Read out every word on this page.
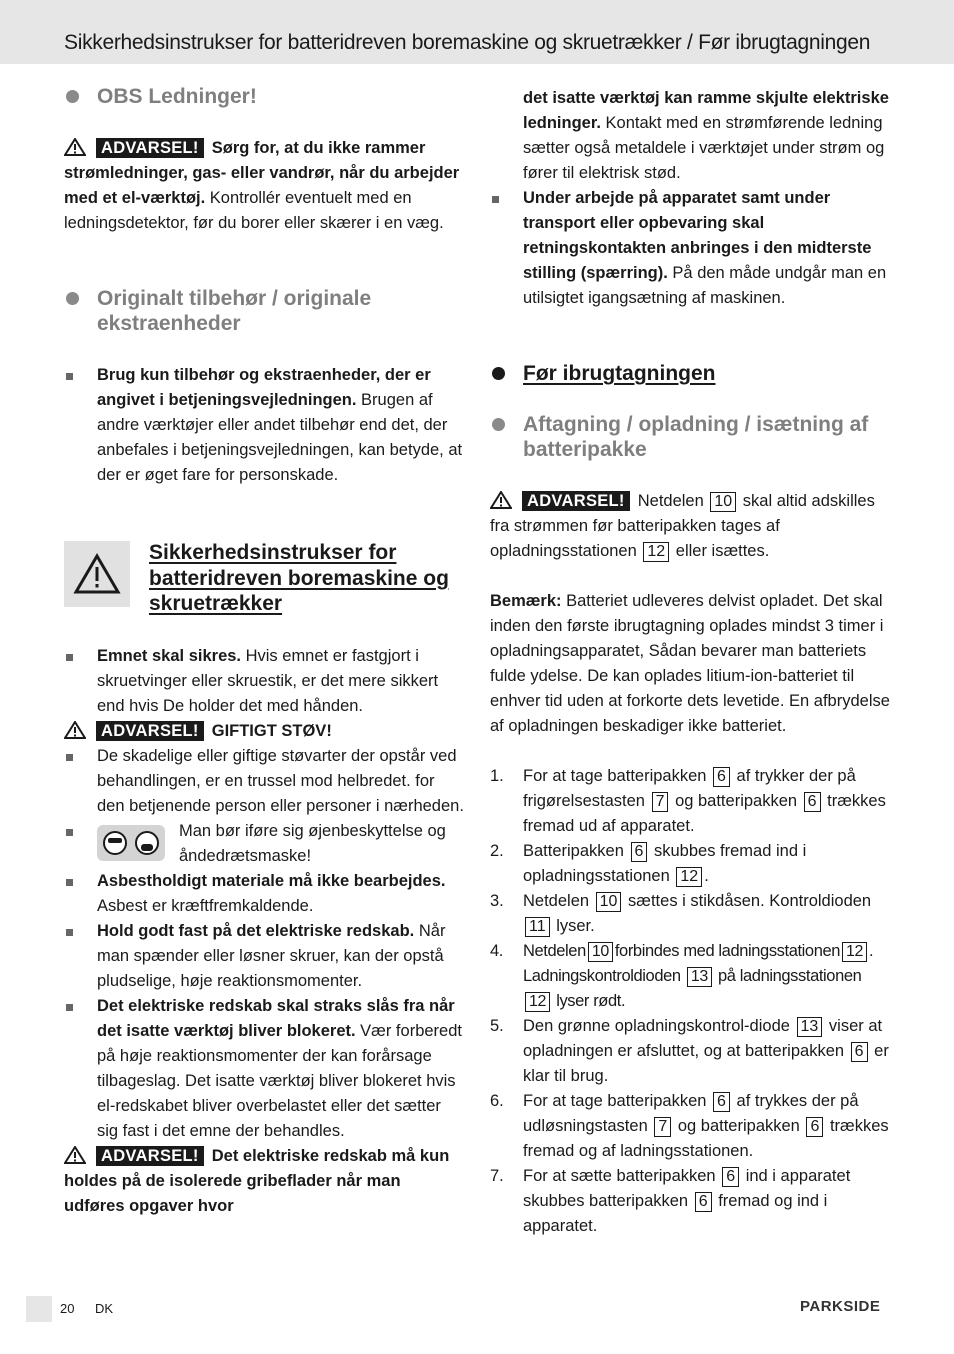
Sikkerhedsinstrukser for batteridreven boremaskine og skruetrækker / Før ibrugtagningen
OBS Ledninger!

ADVARSEL! Sørg for, at du ikke rammer strømledninger, gas- eller vandrør, når du arbejder med et el-værktøj. Kontrollér eventuelt med en ledningsdetektor, før du borer eller skærer i en væg.

Originalt tilbehør / originale ekstraenheder
Brug kun tilbehør og ekstraenheder, der er angivet i betjeningsvejledningen. Brugen af andre værktøjer eller andet tilbehør end det, der anbefales i betjeningsvejledningen, kan betyde, at der er øget fare for personskade.
Sikkerhedsinstrukser for batteridreven boremaskine og skruetrækker
Emnet skal sikres. Hvis emnet er fastgjort i skruetvinger eller skruestik, er det mere sikkert end hvis De holder det med hånden.

ADVARSEL! GIFTIGT STØV!

De skadelige eller giftige støvarter der opstår ved behandlingen, er en trussel mod helbredet. for den betjenende person eller personer i nærheden.
Man bør iføre sig øjenbeskyttelse og åndedrætsmaske!
Asbestholdigt materiale må ikke bearbejdes. Asbest er kræftfremkaldende.
Hold godt fast på det elektriske redskab. Når man spænder eller løsner skruer, kan der opstå pludselige, høje reaktionsmomenter.
Det elektriske redskab skal straks slås fra når det isatte værktøj bliver blokeret. Vær forberedt på høje reaktionsmomenter der kan forårsage tilbageslag. Det isatte værktøj bliver blokeret hvis el-redskabet bliver overbelastet eller det sætter sig fast i det emne der behandles.

ADVARSEL! Det elektriske redskab må kun holdes på de isolerede gribeflader når man udføres opgaver hvor

det isatte værktøj kan ramme skjulte elektriske ledninger. Kontakt med en strømførende ledning sætter også metaldele i værktøjet under strøm og fører til elektrisk stød.
Under arbejde på apparatet samt under transport eller opbevaring skal retningskontakten anbringes i den midterste stilling (spærring). På den måde undgår man en utilsigtet igangsætning af maskinen.
Før ibrugtagningen
Aftagning / opladning / isætning af batteripakke

ADVARSEL! Netdelen 10 skal altid adskilles fra strømmen før batteripakken tages af opladningsstationen 12 eller isættes.

Bemærk: Batteriet udleveres delvist opladet. Det skal inden den første ibrugtagning oplades mindst 3 timer i opladningsapparatet, Sådan bevarer man batteriets fulde ydelse. De kan oplades litium-ion-batteriet til enhver tid uden at forkorte dets levetide. En afbrydelse af opladningen beskadiger ikke batteriet.

1. For at tage batteripakken 6 af trykker der på frigørelsestasten 7 og batteripakken 6 trækkes fremad ud af apparatet.
2. Batteripakken 6 skubbes fremad ind i opladningsstationen 12 .
3. Netdelen 10 sættes i stikdåsen. Kontroldioden 11 lyser.
4. Netdelen 10 forbindes med ladningsstationen 12 . Ladningskontroldioden 13 på ladningsstationen 12 lyser rødt.
5. Den grønne opladningskontrol-diode 13 viser at opladningen er afsluttet, og at batteripakken 6 er klar til brug.
6. For at tage batteripakken 6 af trykkes der på udløsningstasten 7 og batteripakken 6 trækkes fremad og af ladningsstationen.
7. For at sætte batteripakken 6 ind i apparatet skubbes batteripakken 6 fremad og ind i apparatet.
20 DK	PARKSIDE
